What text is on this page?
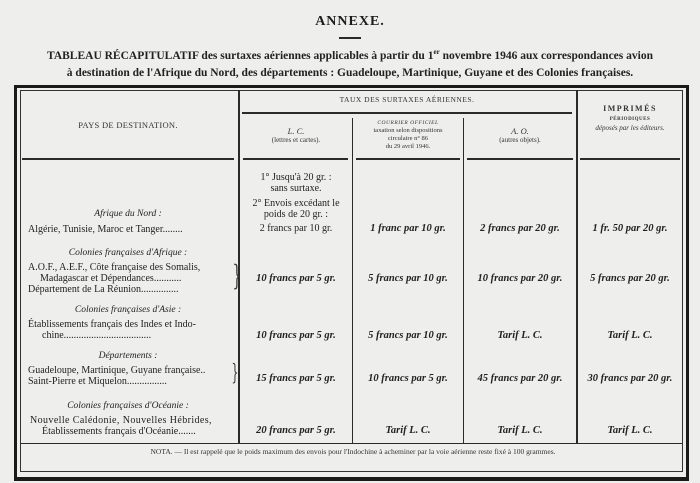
ANNEXE.
TABLEAU RÉCAPITULATIF des surtaxes aériennes applicables à partir du 1er novembre 1946 aux correspondances avion
à destination de l'Afrique du Nord, des départements : Guadeloupe, Martinique, Guyane et des Colonies françaises.
PAYS DE DESTINATION.
TAUX DES SURTAXES AÉRIENNES.
L. C.
(lettres et cartes).
COURRIER OFFICIEL
taxation selon dispositions
circulaire n° 86
du 29 avril 1946.
A. O.
(autres objets).
IMPRIMÉS
PÉRIODIQUES
déposés par les éditeurs.
1° Jusqu'à 20 gr. :
sans surtaxe.
2° Envois excédant le
poids de 20 gr. :
Afrique du Nord :
Algérie, Tunisie, Maroc et Tanger........	2 francs par 10 gr.	1 franc par 10 gr.	2 francs par 20 gr.	1 fr. 50 par 20 gr.
Colonies françaises d'Afrique :
A.O.F., A.E.F., Côte française des Somalis,
Madagascar et Dépendances...........
Département de La Réunion............... }	10 francs par 5 gr.	5 francs par 10 gr.	10 francs par 20 gr.	5 francs par 20 gr.
Colonies françaises d'Asie :
Établissements français des Indes et Indo-
chine...................................	10 francs par 5 gr.	5 francs par 10 gr.	Tarif L. C.	Tarif L. C.
Départements :
Guadeloupe, Martinique, Guyane française..
Saint-Pierre et Miquelon................	}	15 francs par 5 gr.	10 francs par 5 gr.	45 francs par 20 gr.	30 francs par 20 gr.
Colonies françaises d'Océanie :
Nouvelle Calédonie, Nouvelles Hébrides,
Établissements français d'Océanie.......	20 francs par 5 gr.	Tarif L. C.	Tarif L. C.	Tarif L. C.
NOTA. — Il est rappelé que le poids maximum des envois pour l'Indochine à acheminer par la voie aérienne reste fixé à 100 grammes.
